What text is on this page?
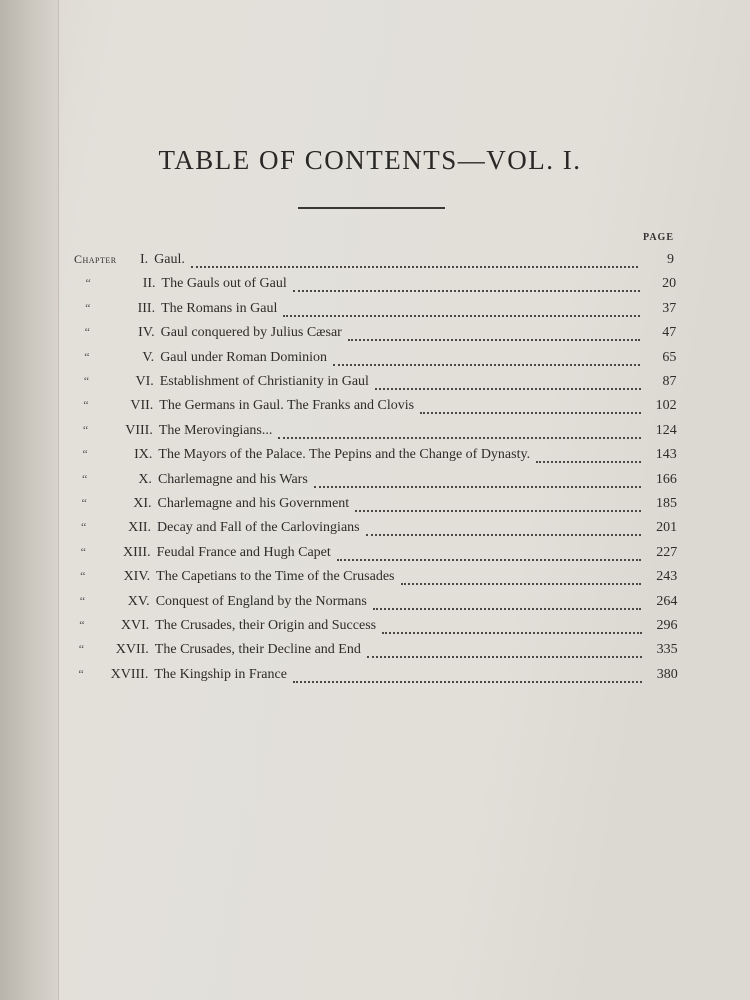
TABLE OF CONTENTS—VOL. I.
PAGE
Chapter	I. Gaul.	9
“	II. The Gauls out of Gaul	20
“	III. The Romans in Gaul	37
“	IV. Gaul conquered by Julius Cæsar	47
“	V. Gaul under Roman Dominion	65
“	VI. Establishment of Christianity in Gaul	87
“	VII. The Germans in Gaul. The Franks and Clovis	102
“	VIII. The Merovingians...	124
“	IX. The Mayors of the Palace. The Pepins and the Change of Dynasty.	143
“	X. Charlemagne and his Wars	166
“	XI. Charlemagne and his Government	185
“	XII. Decay and Fall of the Carlovingians	201
“	XIII. Feudal France and Hugh Capet	227
“	XIV. The Capetians to the Time of the Crusades	243
“	XV. Conquest of England by the Normans	264
“	XVI. The Crusades, their Origin and Success	296
“	XVII. The Crusades, their Decline and End	335
“	XVIII. The Kingship in France	380
